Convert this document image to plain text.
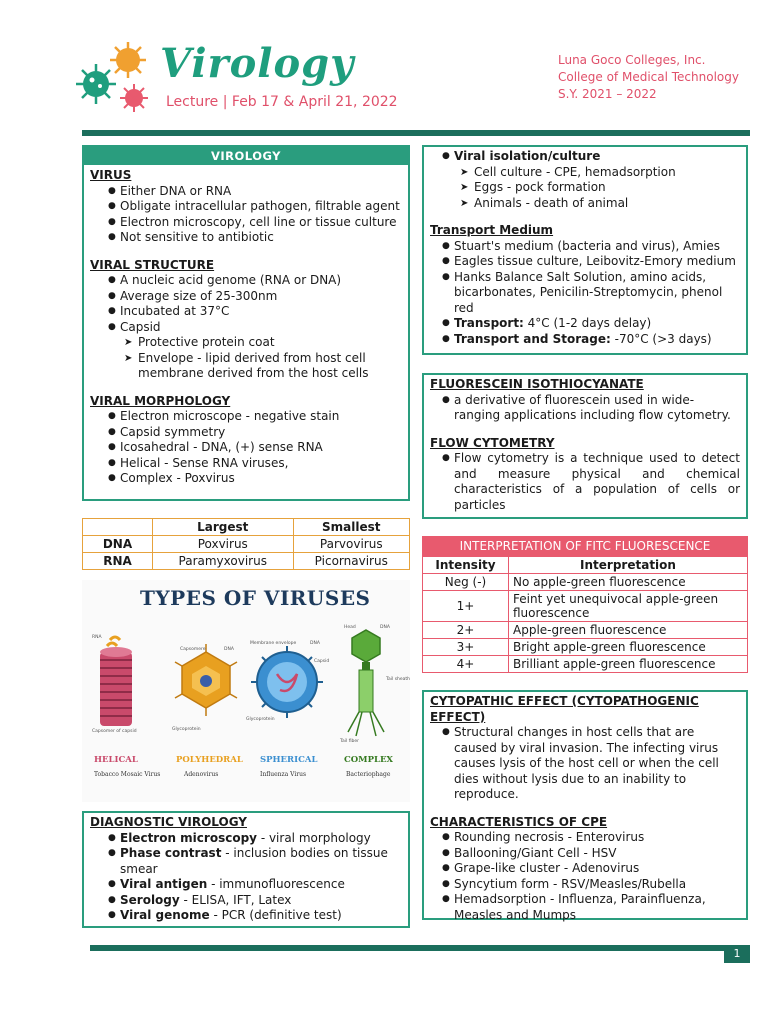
Virology
Lecture | Feb 17 & April 21, 2022
Luna Goco Colleges, Inc.
College of Medical Technology
S.Y. 2021 – 2022
VIROLOGY
VIRUS
● Either DNA or RNA
● Obligate intracellular pathogen, filtrable agent
● Electron microscopy, cell line or tissue culture
● Not sensitive to antibiotic
VIRAL STRUCTURE
● A nucleic acid genome (RNA or DNA)
● Average size of 25-300nm
● Incubated at 37°C
● Capsid
➤ Protective protein coat
➤ Envelope - lipid derived from host cell membrane derived from the host cells
VIRAL MORPHOLOGY
● Electron microscope - negative stain
● Capsid symmetry
● Icosahedral - DNA, (+) sense RNA
● Helical - Sense RNA viruses,
● Complex - Poxvirus
	Largest	Smallest
DNA	Poxvirus	Parvovirus
RNA	Paramyxovirus	Picornavirus
TYPES OF VIRUSES
RNA
Capsomer of capsid
Capsomere	DNA
Glycoprotein
Membrane envelope	DNA
Capsid
Glycoprotein
Head	DNA
Tail sheath
Tail fiber
HELICAL	POLYHEDRAL SPHERICAL	COMPLEX
Tobacco Mosaic Virus	Adenovirus	Influenza Virus	Bacteriophage
DIAGNOSTIC VIROLOGY
● Electron microscopy - viral morphology
● Phase contrast - inclusion bodies on tissue smear
● Viral antigen - immunofluorescence
● Serology - ELISA, IFT, Latex
● Viral genome - PCR (definitive test)
● Viral isolation/culture
➤ Cell culture - CPE, hemadsorption
➤ Eggs - pock formation
➤ Animals - death of animal
Transport Medium
● Stuart's medium (bacteria and virus), Amies
● Eagles tissue culture, Leibovitz-Emory medium
● Hanks Balance Salt Solution, amino acids, bicarbonates, Penicilin-Streptomycin, phenol red
● Transport: 4°C (1-2 days delay)
● Transport and Storage: -70°C (>3 days)
FLUORESCEIN ISOTHIOCYANATE
● a derivative of fluorescein used in wide-ranging applications including flow cytometry.
FLOW CYTOMETRY
● Flow cytometry is a technique used to detect and measure physical and chemical characteristics of a population of cells or particles
INTERPRETATION OF FITC FLUORESCENCE
Intensity	Interpretation
Neg (-)	No apple-green fluorescence
1+	Feint yet unequivocal apple-green fluorescence
2+	Apple-green fluorescence
3+	Bright apple-green fluorescence
4+	Brilliant apple-green fluorescence
CYTOPATHIC EFFECT (CYTOPATHOGENIC EFFECT)
● Structural changes in host cells that are caused by viral invasion. The infecting virus causes lysis of the host cell or when the cell dies without lysis due to an inability to reproduce.
CHARACTERISTICS OF CPE
● Rounding necrosis - Enterovirus
● Ballooning/Giant Cell - HSV
● Grape-like cluster - Adenovirus
● Syncytium form - RSV/Measles/Rubella
● Hemadsorption - Influenza, Parainfluenza, Measles and Mumps
1
